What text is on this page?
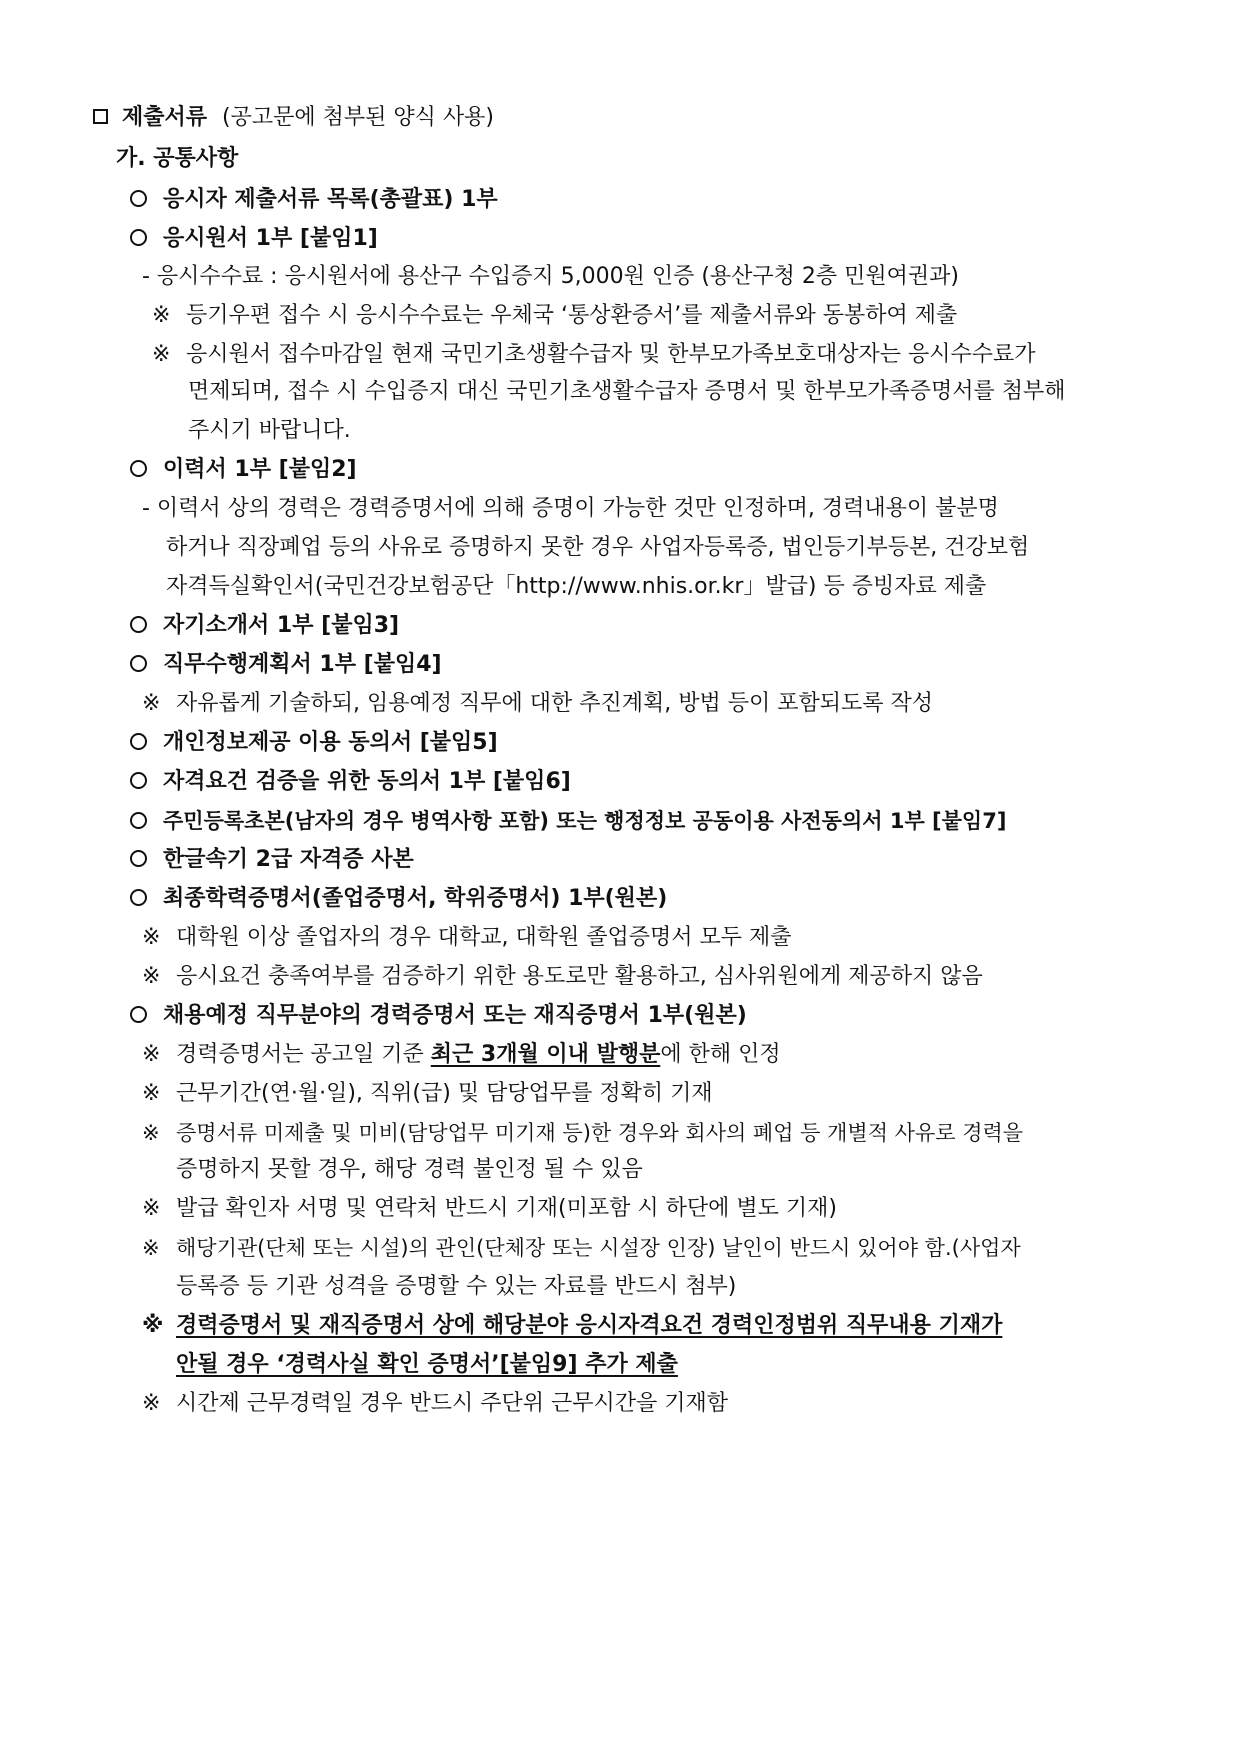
제출서류 (공고문에 첨부된 양식 사용)
가. 공통사항
응시자 제출서류 목록(총괄표) 1부
응시원서 1부 [붙임1]
- 응시수수료 : 응시원서에 용산구 수입증지 5,000원 인증 (용산구청 2층 민원여권과)
※ 등기우편 접수 시 응시수수료는 우체국 ‘통상환증서’를 제출서류와 동봉하여 제출
※ 응시원서 접수마감일 현재 국민기초생활수급자 및 한부모가족보호대상자는 응시수수료가
면제되며, 접수 시 수입증지 대신 국민기초생활수급자 증명서 및 한부모가족증명서를 첨부해
주시기 바랍니다.
이력서 1부 [붙임2]
- 이력서 상의 경력은 경력증명서에 의해 증명이 가능한 것만 인정하며, 경력내용이 불분명
하거나 직장폐업 등의 사유로 증명하지 못한 경우 사업자등록증, 법인등기부등본, 건강보험
자격득실확인서(국민건강보험공단「http://www.nhis.or.kr」발급) 등 증빙자료 제출
자기소개서 1부 [붙임3]
직무수행계획서 1부 [붙임4]
※ 자유롭게 기술하되, 임용예정 직무에 대한 추진계획, 방법 등이 포함되도록 작성
개인정보제공 이용 동의서 [붙임5]
자격요건 검증을 위한 동의서 1부 [붙임6]
주민등록초본(남자의 경우 병역사항 포함) 또는 행정정보 공동이용 사전동의서 1부 [붙임7]
한글속기 2급 자격증 사본
최종학력증명서(졸업증명서, 학위증명서) 1부(원본)
※ 대학원 이상 졸업자의 경우 대학교, 대학원 졸업증명서 모두 제출
※ 응시요건 충족여부를 검증하기 위한 용도로만 활용하고, 심사위원에게 제공하지 않음
채용예정 직무분야의 경력증명서 또는 재직증명서 1부(원본)
※ 경력증명서는 공고일 기준 최근 3개월 이내 발행분에 한해 인정
※ 근무기간(연·월·일), 직위(급) 및 담당업무를 정확히 기재
※ 증명서류 미제출 및 미비(담당업무 미기재 등)한 경우와 회사의 폐업 등 개별적 사유로 경력을
증명하지 못할 경우, 해당 경력 불인정 될 수 있음
※ 발급 확인자 서명 및 연락처 반드시 기재(미포함 시 하단에 별도 기재)
※ 해당기관(단체 또는 시설)의 관인(단체장 또는 시설장 인장) 날인이 반드시 있어야 함.(사업자
등록증 등 기관 성격을 증명할 수 있는 자료를 반드시 첨부)
※ 경력증명서 및 재직증명서 상에 해당분야 응시자격요건 경력인정범위 직무내용 기재가
안될 경우 ‘경력사실 확인 증명서’[붙임9] 추가 제출
※ 시간제 근무경력일 경우 반드시 주단위 근무시간을 기재함
